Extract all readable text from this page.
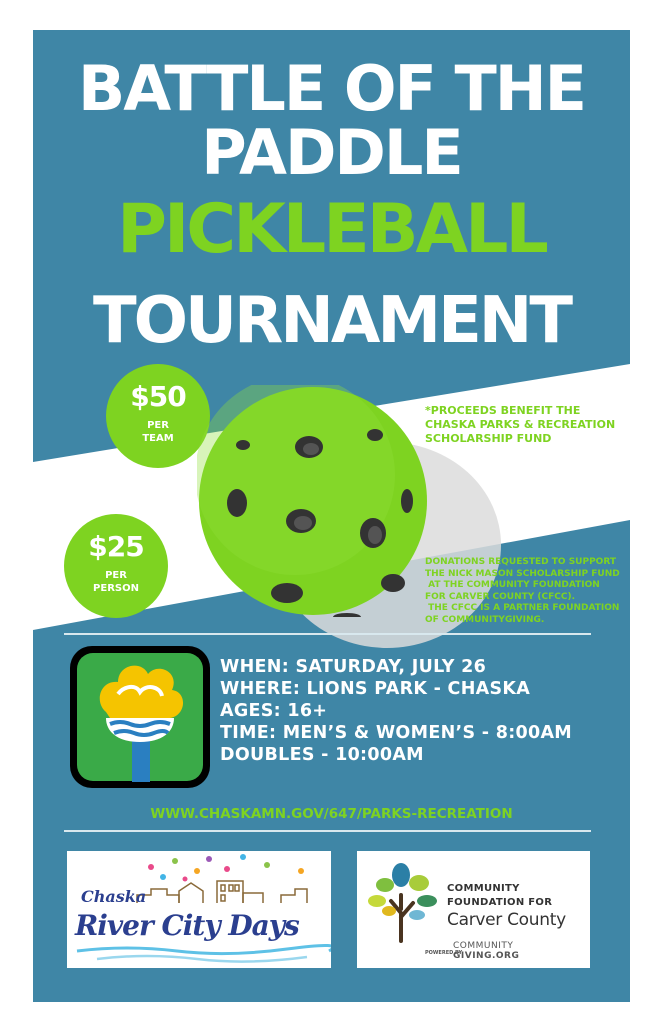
BATTLE OF THE
PADDLE
PICKLEBALL
TOURNAMENT
$50
PER
TEAM
*PROCEEDS BENEFIT THE CHASKA PARKS & RECREATION SCHOLARSHIP FUND
$25
PER
PERSON
DONATIONS REQUESTED TO SUPPORT
THE NICK MASON SCHOLARSHIP FUND
AT THE COMMUNITY FOUNDATION
FOR CARVER COUNTY (CFCC).
THE CFCC IS A PARTNER FOUNDATION
OF COMMUNITYGIVING.
WHEN: SATURDAY, JULY 26
WHERE: LIONS PARK - CHASKA
AGES: 16+
TIME: MEN’S & WOMEN’S - 8:00AM
DOUBLES - 10:00AM
WWW.CHASKAMN.GOV/647/PARKS-RECREATION
Chaska
River City Days
COMMUNITY
FOUNDATION FOR
Carver County
POWERED BY
COMMUNITY
GIVING.ORG
